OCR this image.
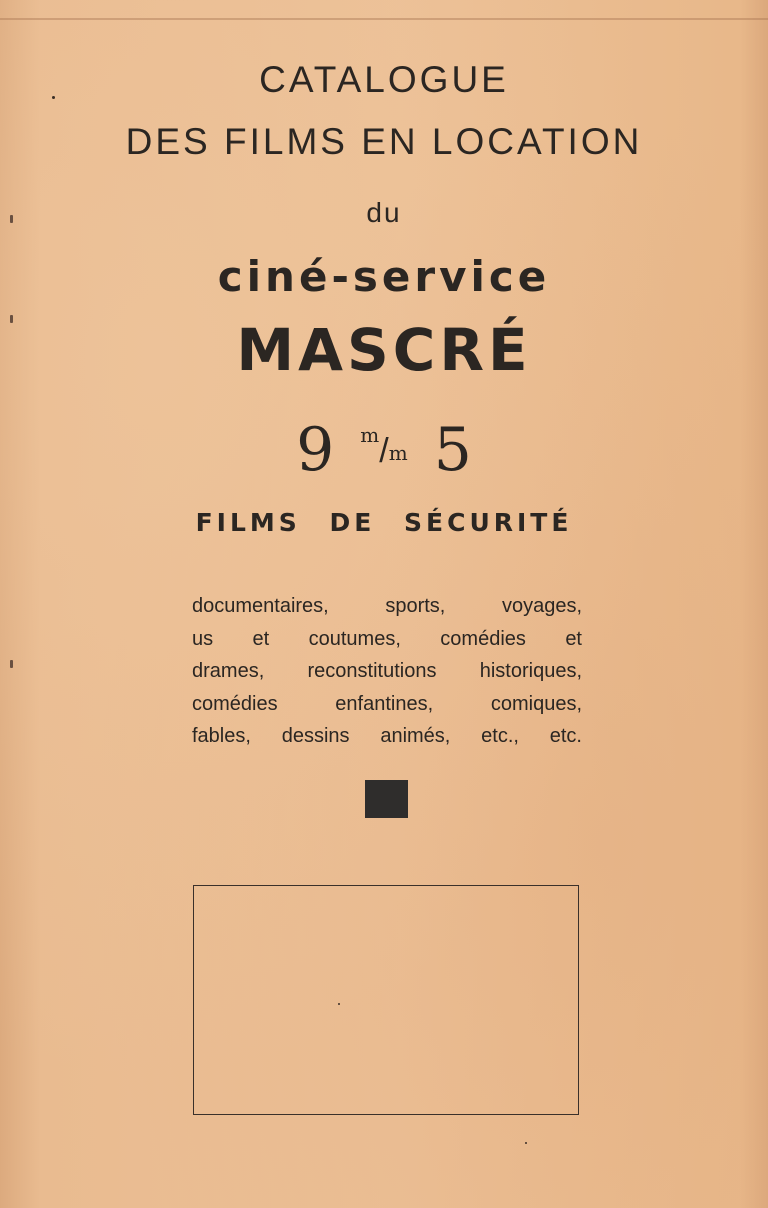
CATALOGUE
DES FILMS EN LOCATION
du
ciné-service
MASCRÉ
9 m/m 5
FILMS DE SÉCURITÉ
documentaires, sports, voyages,
us et coutumes, comédies et
drames, reconstitutions historiques,
comédies enfantines, comiques,
fables, dessins animés, etc., etc.
